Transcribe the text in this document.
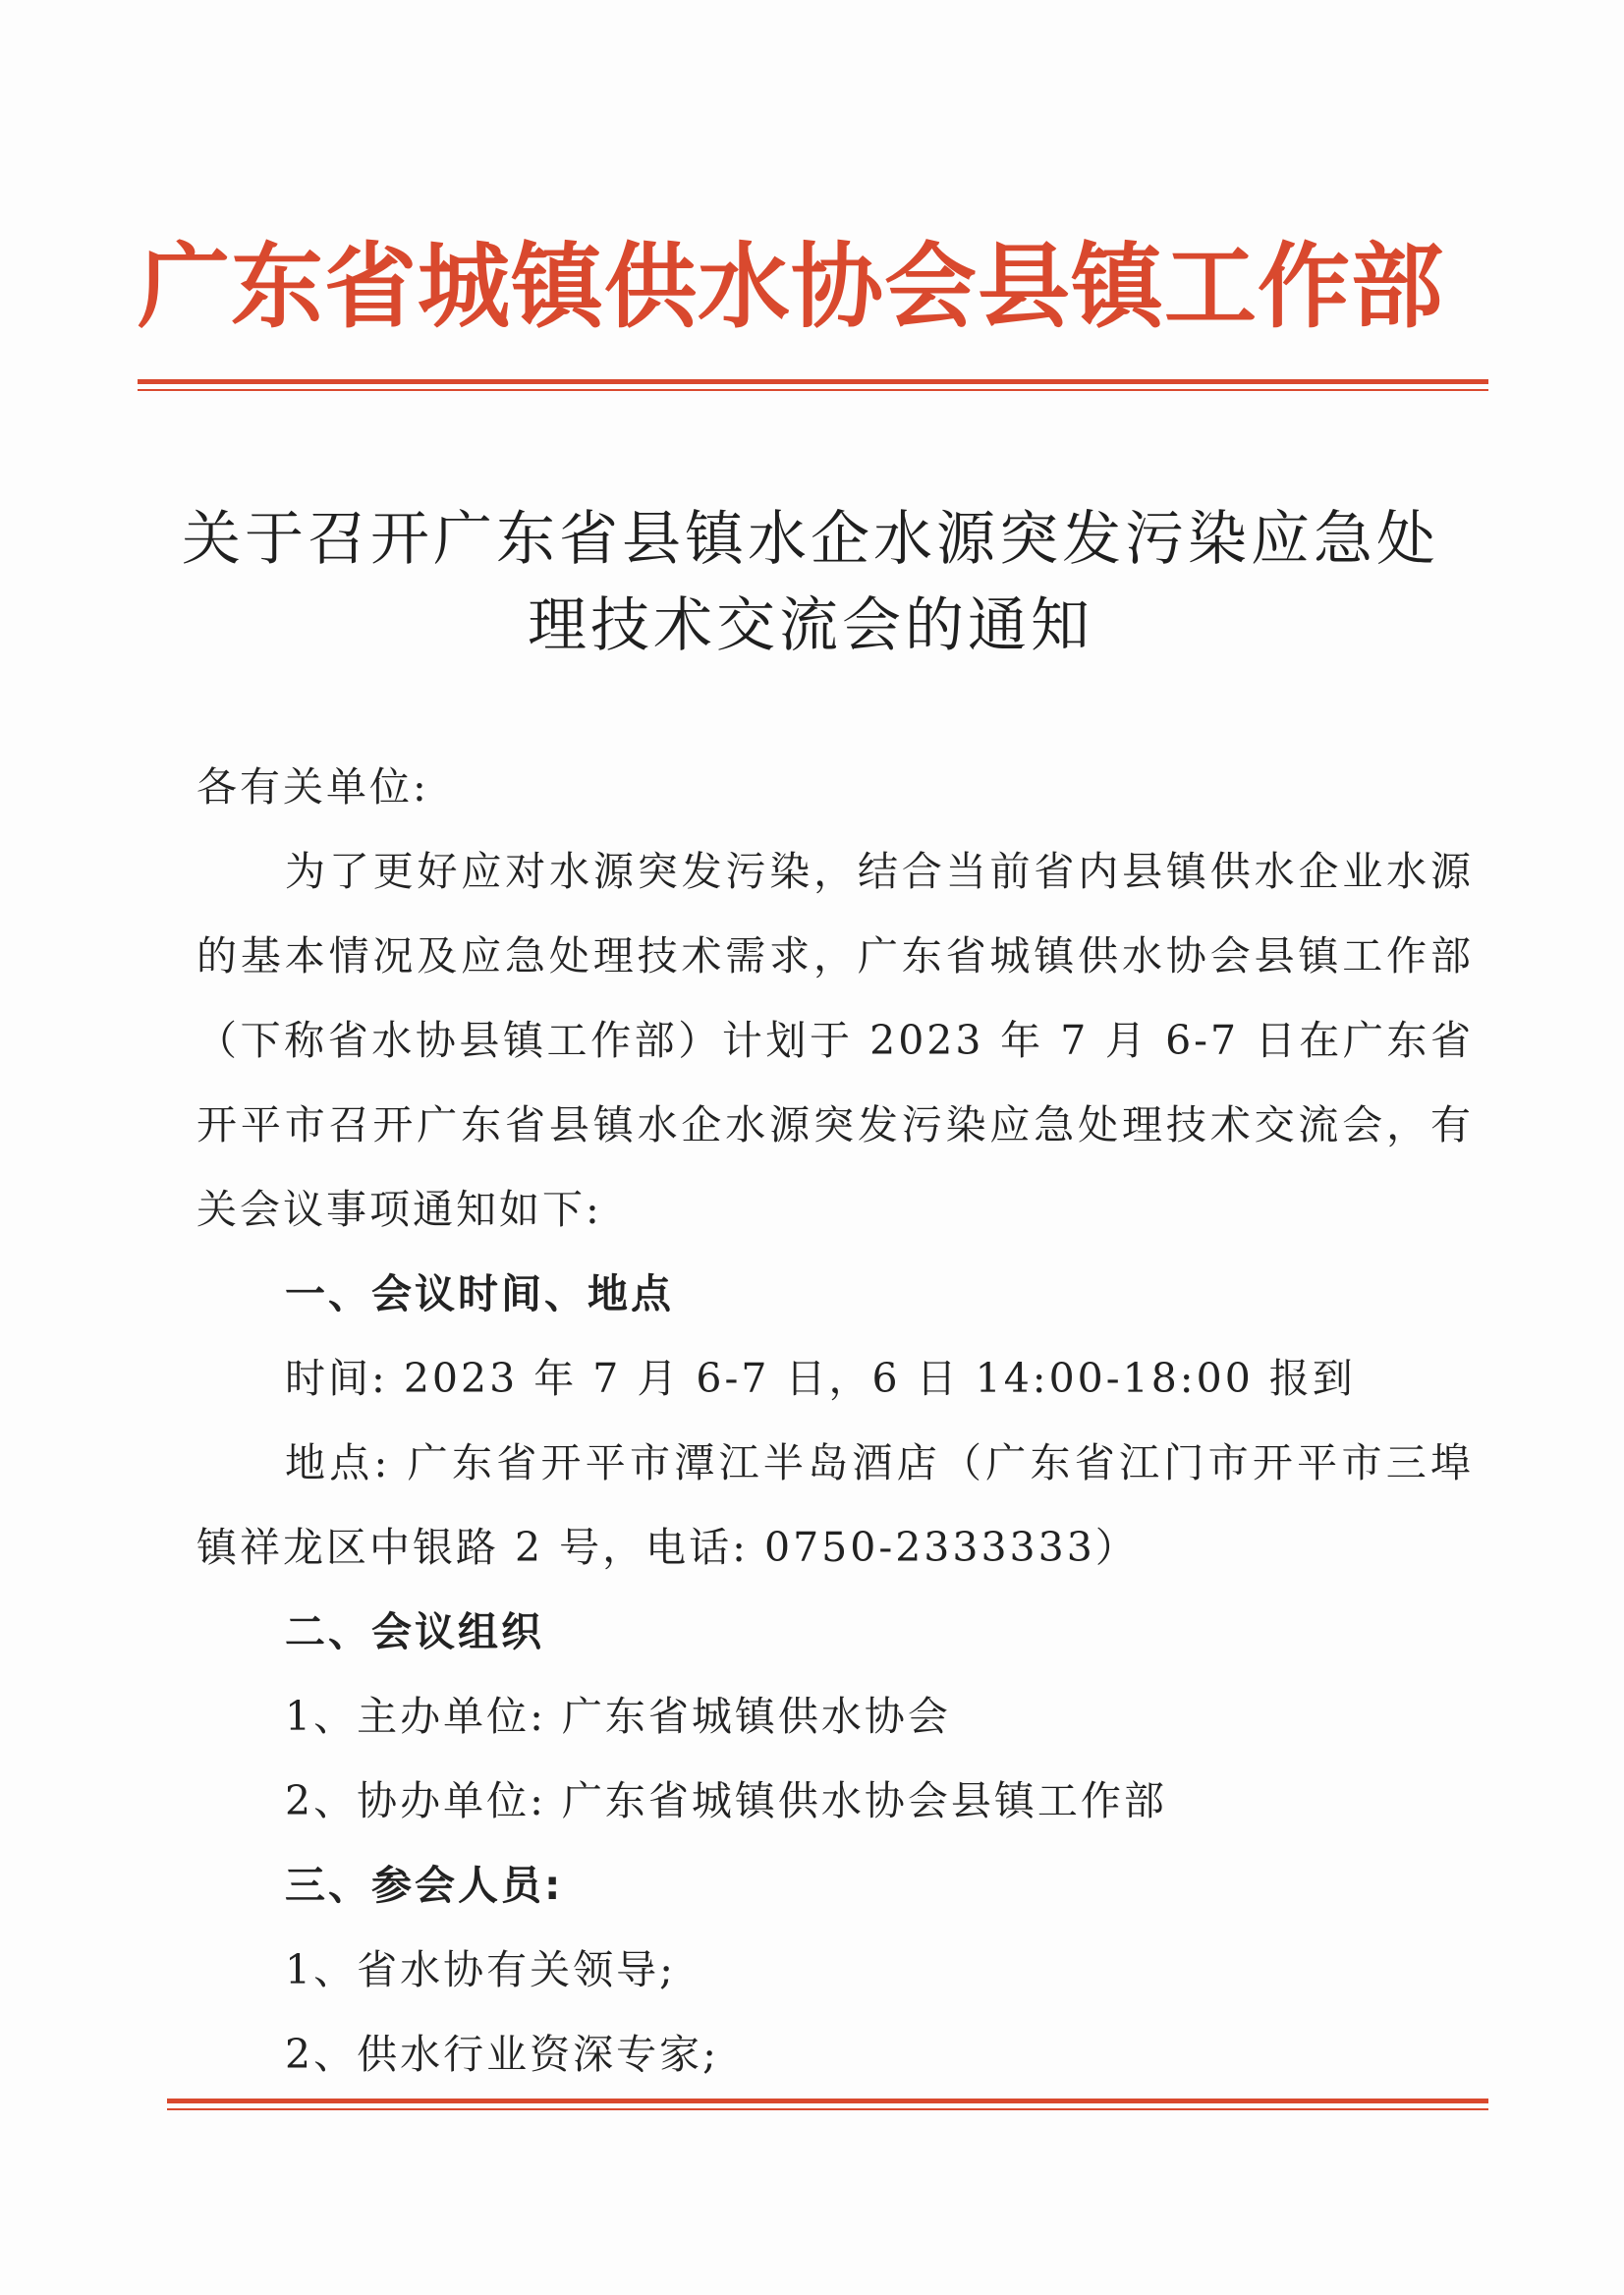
广东省城镇供水协会县镇工作部
关于召开广东省县镇水企水源突发污染应急处
理技术交流会的通知

各有关单位:

为了更好应对水源突发污染，结合当前省内县镇供水企业水源的基本情况及应急处理技术需求，广东省城镇供水协会县镇工作部（下称省水协县镇工作部）计划于 2023 年 7 月 6-7 日在广东省开平市召开广东省县镇水企水源突发污染应急处理技术交流会，有关会议事项通知如下:

一、会议时间、地点

时间: 2023 年 7 月 6-7 日，6 日 14:00-18:00 报到

地点: 广东省开平市潭江半岛酒店（广东省江门市开平市三埠镇祥龙区中银路 2 号，电话: 0750-2333333）

二、会议组织

1、主办单位: 广东省城镇供水协会

2、协办单位: 广东省城镇供水协会县镇工作部

三、参会人员:

1、省水协有关领导;

2、供水行业资深专家;
